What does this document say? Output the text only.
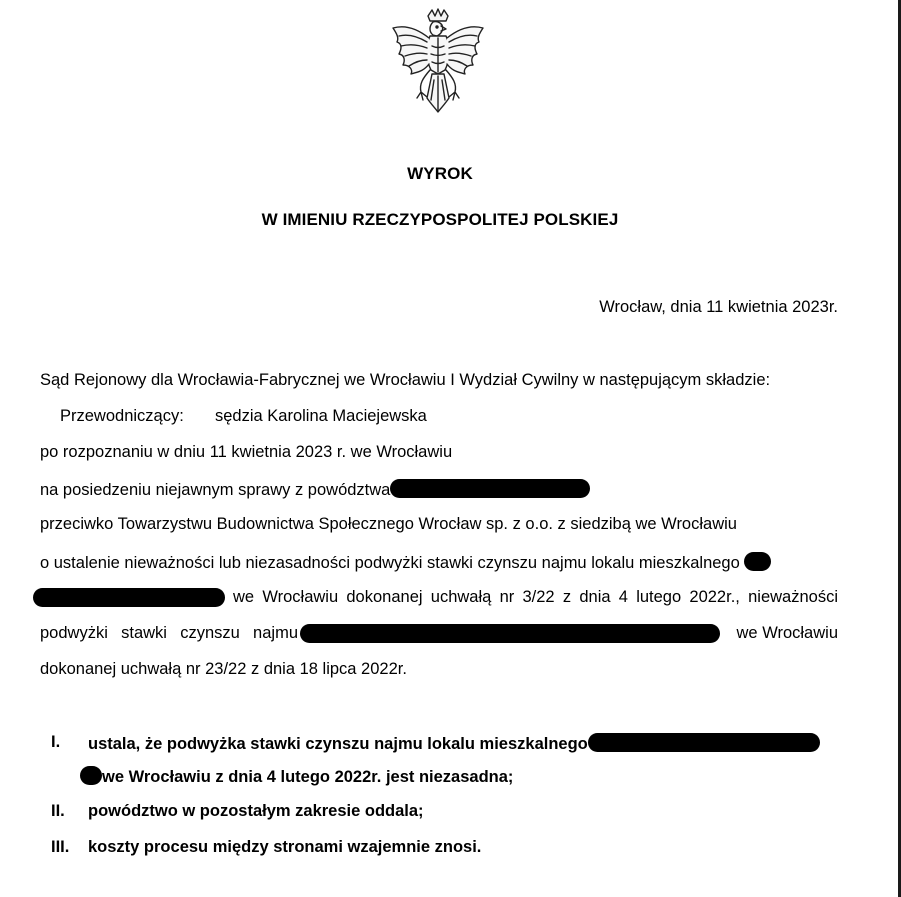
WYROK
W IMIENIU RZECZYPOSPOLITEJ POLSKIEJ
Wrocław, dnia 11 kwietnia 2023r.
Sąd Rejonowy dla Wrocławia-Fabrycznej we Wrocławiu I Wydział Cywilny w następującym składzie:
Przewodniczący: sędzia Karolina Maciejewska
po rozpoznaniu w dniu 11 kwietnia 2023 r. we Wrocławiu
na posiedzeniu niejawnym sprawy z powództwa
przeciwko Towarzystwu Budownictwa Społecznego Wrocław sp. z o.o. z siedzibą we Wrocławiu
o ustalenie nieważności lub niezasadności podwyżki stawki czynszu najmu lokalu mieszkalnego
we Wrocławiu dokonanej uchwałą nr 3/22 z dnia 4 lutego 2022r., nieważności
podwyżki stawki czynszu najmu	we Wrocławiu
dokonanej uchwałą nr 23/22 z dnia 18 lipca 2022r.
I. ustala, że podwyżka stawki czynszu najmu lokalu mieszkalnego
we Wrocławiu z dnia 4 lutego 2022r. jest niezasadna;
II. powództwo w pozostałym zakresie oddala;
III. koszty procesu między stronami wzajemnie znosi.
